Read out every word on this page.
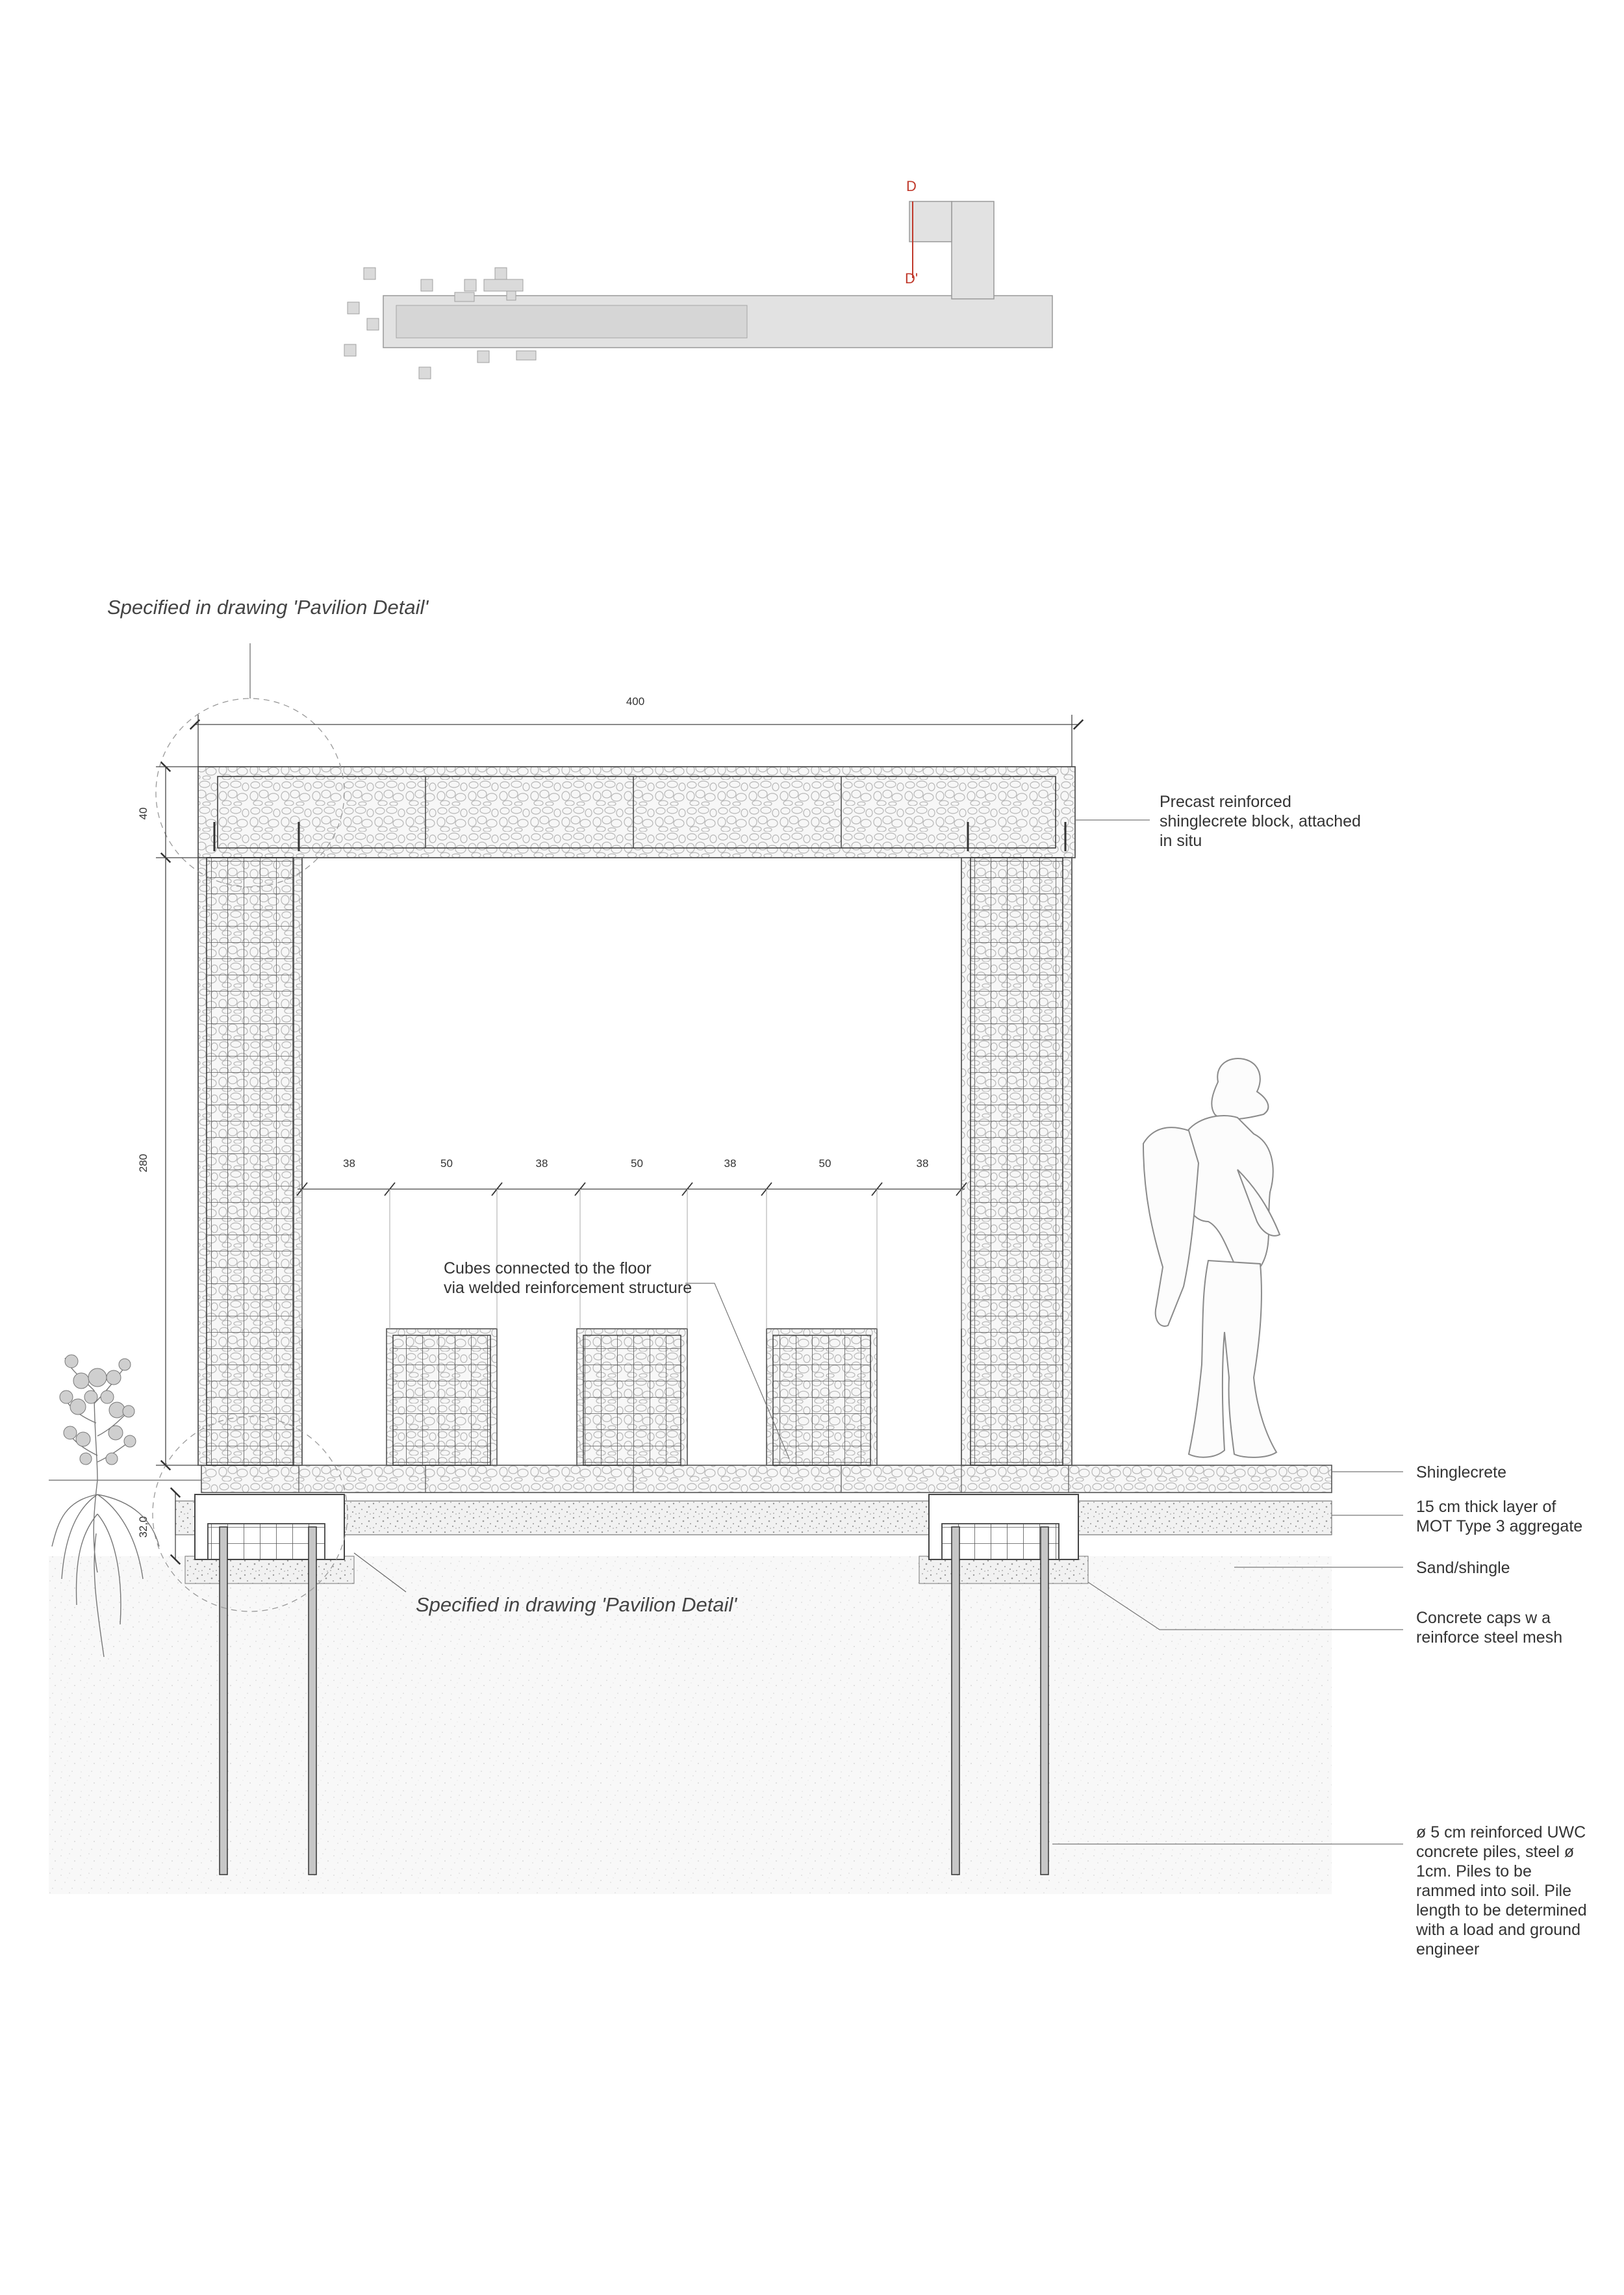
D
D'
400
40
280
32,0
38	50	38	50	38	50	38
Specified in drawing 'Pavilion Detail'
Specified in drawing 'Pavilion Detail'
Cubes connected to the floor
via welded reinforcement structure
Precast reinforced
shinglecrete block, attached
in situ
Shinglecrete
15 cm thick layer of
MOT Type 3 aggregate
Sand/shingle
Concrete caps w a
reinforce steel mesh
ø 5 cm reinforced UWC
concrete piles, steel ø
1cm. Piles to be
rammed into soil. Pile
length to be determined
with a load and ground
engineer
